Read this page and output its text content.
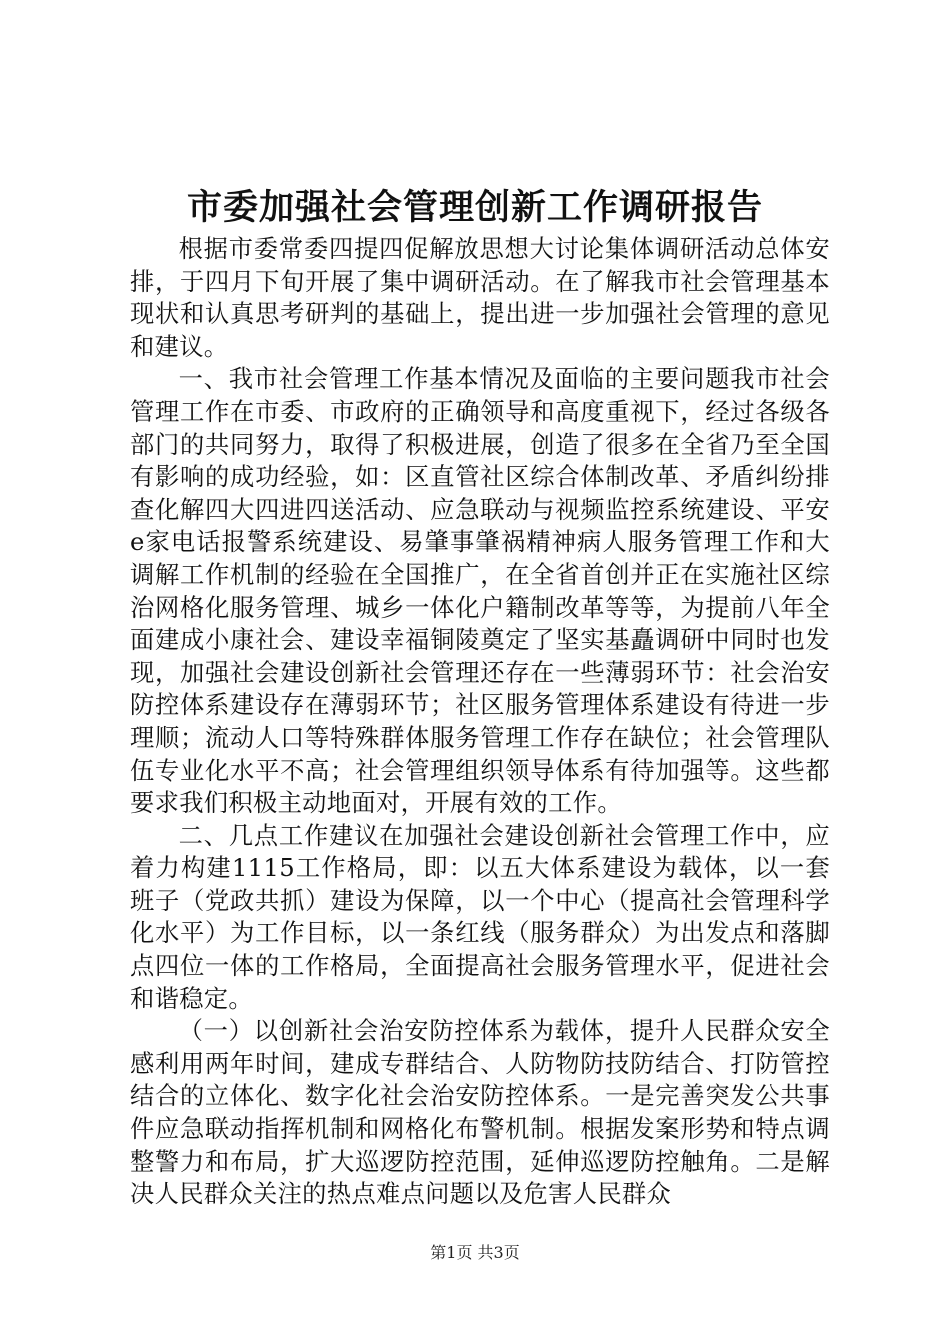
市委加强社会管理创新工作调研报告

根据市委常委四提四促解放思想大讨论集体调研活动总体安排，于四月下旬开展了集中调研活动。在了解我市社会管理基本现状和认真思考研判的基础上，提出进一步加强社会管理的意见和建议。

一、我市社会管理工作基本情况及面临的主要问题我市社会管理工作在市委、市政府的正确领导和高度重视下，经过各级各部门的共同努力，取得了积极进展，创造了很多在全省乃至全国有影响的成功经验，如：区直管社区综合体制改革、矛盾纠纷排查化解四大四进四送活动、应急联动与视频监控系统建设、平安e家电话报警系统建设、易肇事肇祸精神病人服务管理工作和大调解工作机制的经验在全国推广，在全省首创并正在实施社区综治网格化服务管理、城乡一体化户籍制改革等等，为提前八年全面建成小康社会、建设幸福铜陵奠定了坚实基矗调研中同时也发现，加强社会建设创新社会管理还存在一些薄弱环节：社会治安防控体系建设存在薄弱环节；社区服务管理体系建设有待进一步理顺；流动人口等特殊群体服务管理工作存在缺位；社会管理队伍专业化水平不高；社会管理组织领导体系有待加强等。这些都要求我们积极主动地面对，开展有效的工作。

二、几点工作建议在加强社会建设创新社会管理工作中，应着力构建1115工作格局，即：以五大体系建设为载体，以一套班子（党政共抓）建设为保障，以一个中心（提高社会管理科学化水平）为工作目标，以一条红线（服务群众）为出发点和落脚点四位一体的工作格局，全面提高社会服务管理水平，促进社会和谐稳定。

（一）以创新社会治安防控体系为载体，提升人民群众安全感利用两年时间，建成专群结合、人防物防技防结合、打防管控结合的立体化、数字化社会治安防控体系。一是完善突发公共事件应急联动指挥机制和网格化布警机制。根据发案形势和特点调整警力和布局，扩大巡逻防控范围，延伸巡逻防控触角。二是解决人民群众关注的热点难点问题以及危害人民群众

第1页 共3页
